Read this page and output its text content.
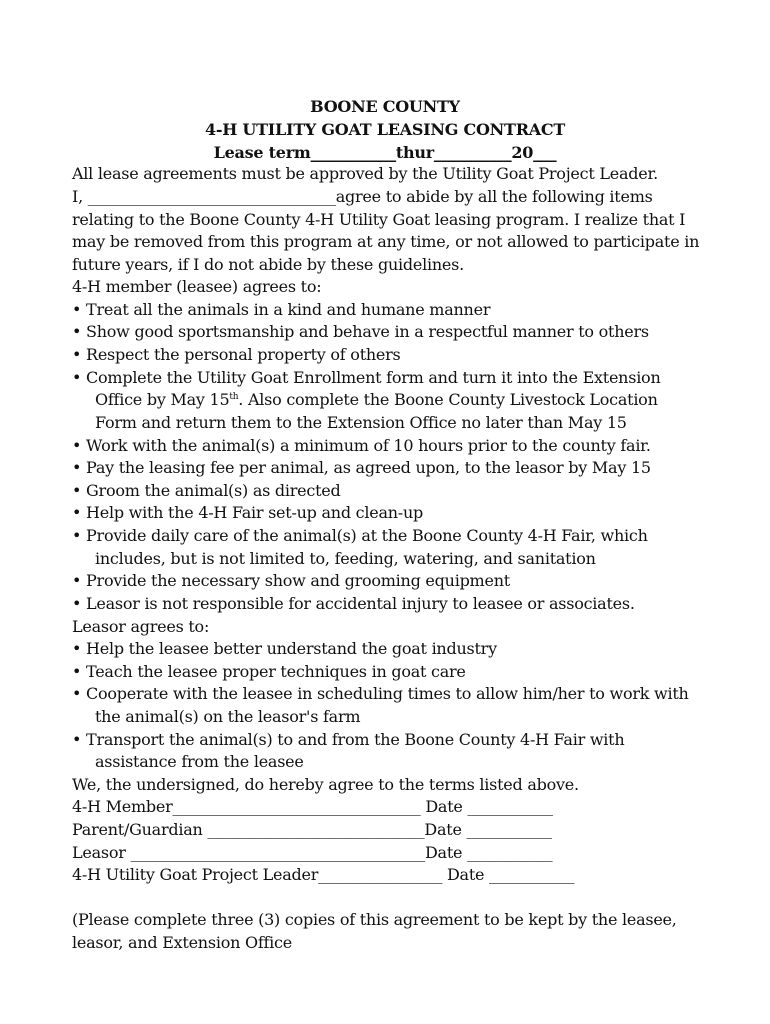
BOONE COUNTY
4-H UTILITY GOAT LEASING CONTRACT
Lease term___________thur__________20___
All lease agreements must be approved by the Utility Goat Project Leader.
I, ________________________________agree to abide by all the following items
relating to the Boone County 4-H Utility Goat leasing program. I realize that I
may be removed from this program at any time, or not allowed to participate in
future years, if I do not abide by these guidelines.
4-H member (leasee) agrees to:
• Treat all the animals in a kind and humane manner
• Show good sportsmanship and behave in a respectful manner to others
• Respect the personal property of others
• Complete the Utility Goat Enrollment form and turn it into the Extension
Office by May 15th. Also complete the Boone County Livestock Location
Form and return them to the Extension Office no later than May 15
• Work with the animal(s) a minimum of 10 hours prior to the county fair.
• Pay the leasing fee per animal, as agreed upon, to the leasor by May 15
• Groom the animal(s) as directed
• Help with the 4-H Fair set-up and clean-up
• Provide daily care of the animal(s) at the Boone County 4-H Fair, which
includes, but is not limited to, feeding, watering, and sanitation
• Provide the necessary show and grooming equipment
• Leasor is not responsible for accidental injury to leasee or associates.
Leasor agrees to:
• Help the leasee better understand the goat industry
• Teach the leasee proper techniques in goat care
• Cooperate with the leasee in scheduling times to allow him/her to work with
the animal(s) on the leasor's farm
• Transport the animal(s) to and from the Boone County 4-H Fair with
assistance from the leasee
We, the undersigned, do hereby agree to the terms listed above.
4-H Member________________________________ Date ___________
Parent/Guardian ____________________________Date ___________
Leasor ______________________________________Date ___________
4-H Utility Goat Project Leader________________ Date ___________
(Please complete three (3) copies of this agreement to be kept by the leasee,
leasor, and Extension Office
